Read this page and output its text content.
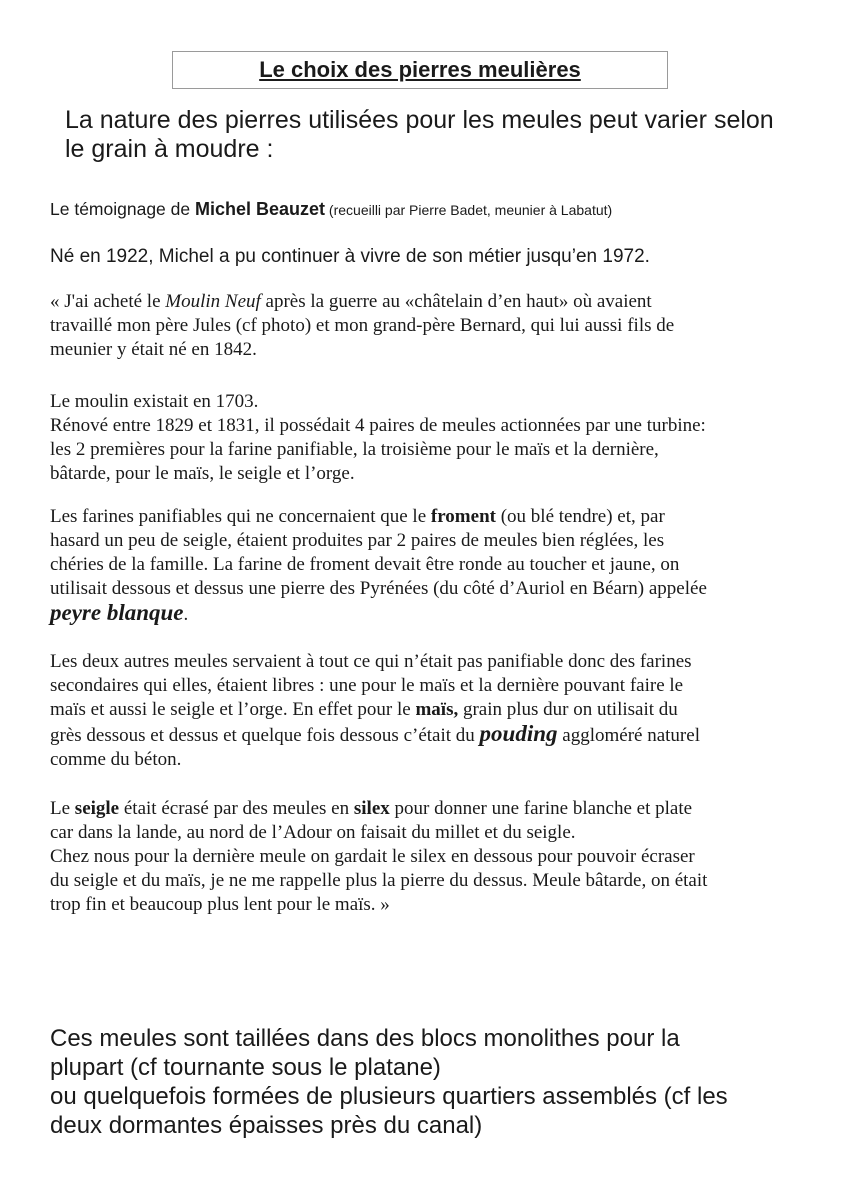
Le choix des pierres meulières
La nature des pierres utilisées pour les meules peut varier selon
le grain à moudre :
Le témoignage de Michel Beauzet (recueilli par Pierre Badet, meunier à Labatut)
Né en 1922, Michel a pu continuer à vivre de son métier jusqu’en 1972.

« J'ai acheté le Moulin Neuf après la guerre au «châtelain d’en haut» où avaient
travaillé mon père Jules (cf photo) et mon grand-père Bernard, qui lui aussi fils de
meunier y était né en 1842.

Le moulin existait en 1703.
Rénové entre 1829 et 1831, il possédait 4 paires de meules actionnées par une turbine:
les 2 premières pour la farine panifiable, la troisième pour le maïs et la dernière,
bâtarde, pour le maïs, le seigle et l’orge.

Les farines panifiables qui ne concernaient que le froment (ou blé tendre) et, par
hasard un peu de seigle, étaient produites par 2 paires de meules bien réglées, les
chéries de la famille. La farine de froment devait être ronde au toucher et jaune, on
utilisait dessous et dessus une pierre des Pyrénées (du côté d’Auriol en Béarn) appelée
peyre blanque.

Les deux autres meules servaient à tout ce qui n’était pas panifiable donc des farines
secondaires qui elles, étaient libres : une pour le maïs et la dernière pouvant faire le
maïs et aussi le seigle et l’orge. En effet pour le maïs, grain plus dur on utilisait du
grès dessous et dessus et quelque fois dessous c’était du pouding aggloméré naturel
comme du béton.

Le seigle était écrasé par des meules en silex pour donner une farine blanche et plate
car dans la lande, au nord de l’Adour on faisait du millet et du seigle.
Chez nous pour la dernière meule on gardait le silex en dessous pour pouvoir écraser
du seigle et du maïs, je ne me rappelle plus la pierre du dessus. Meule bâtarde, on était
trop fin et beaucoup plus lent pour le maïs. »

Ces meules sont taillées dans des blocs monolithes pour la
plupart (cf tournante sous le platane)
ou quelquefois formées de plusieurs quartiers assemblés (cf les
deux dormantes épaisses près du canal)
